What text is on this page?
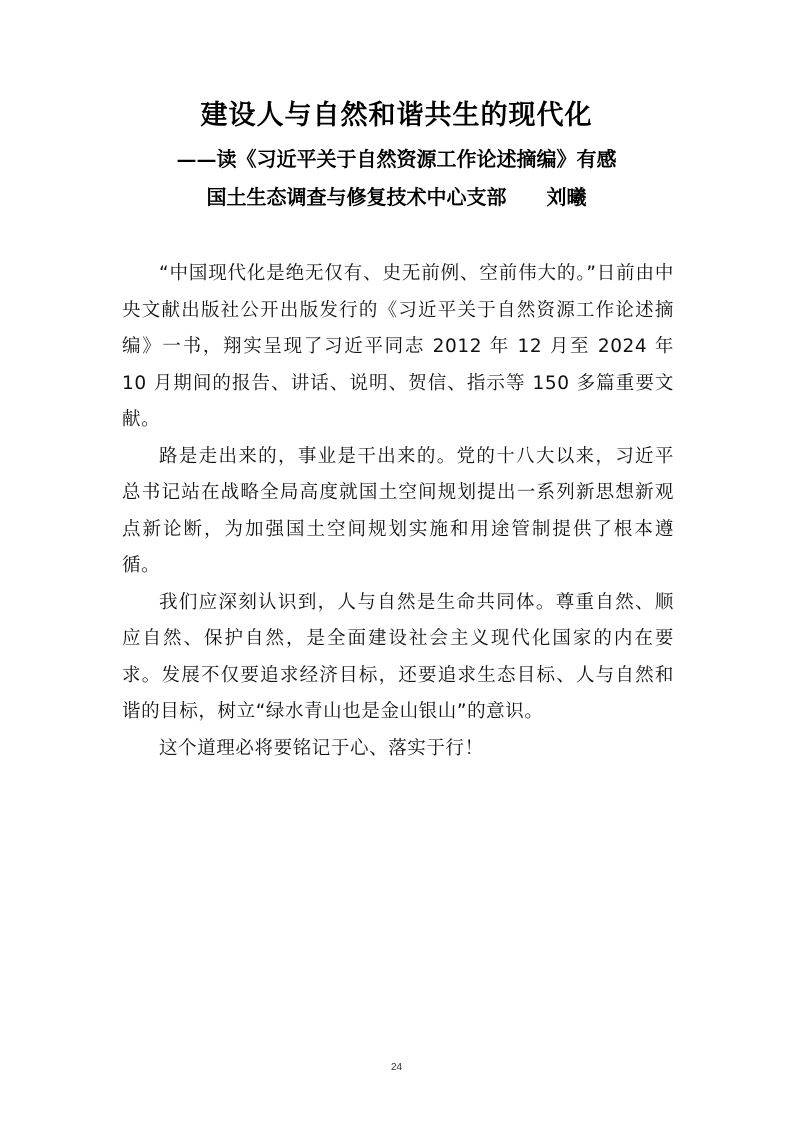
建设人与自然和谐共生的现代化
——读《习近平关于自然资源工作论述摘编》有感
国土生态调查与修复技术中心支部　　刘曦

“中国现代化是绝无仅有、史无前例、空前伟大的。”日前由中央文献出版社公开出版发行的《习近平关于自然资源工作论述摘编》一书，翔实呈现了习近平同志 2012 年 12 月至 2024 年 10 月期间的报告、讲话、说明、贺信、指示等 150 多篇重要文献。

路是走出来的，事业是干出来的。党的十八大以来，习近平总书记站在战略全局高度就国土空间规划提出一系列新思想新观点新论断，为加强国土空间规划实施和用途管制提供了根本遵循。

我们应深刻认识到，人与自然是生命共同体。尊重自然、顺应自然、保护自然，是全面建设社会主义现代化国家的内在要求。发展不仅要追求经济目标，还要追求生态目标、人与自然和谐的目标，树立“绿水青山也是金山银山”的意识。

这个道理必将要铭记于心、落实于行！

24
